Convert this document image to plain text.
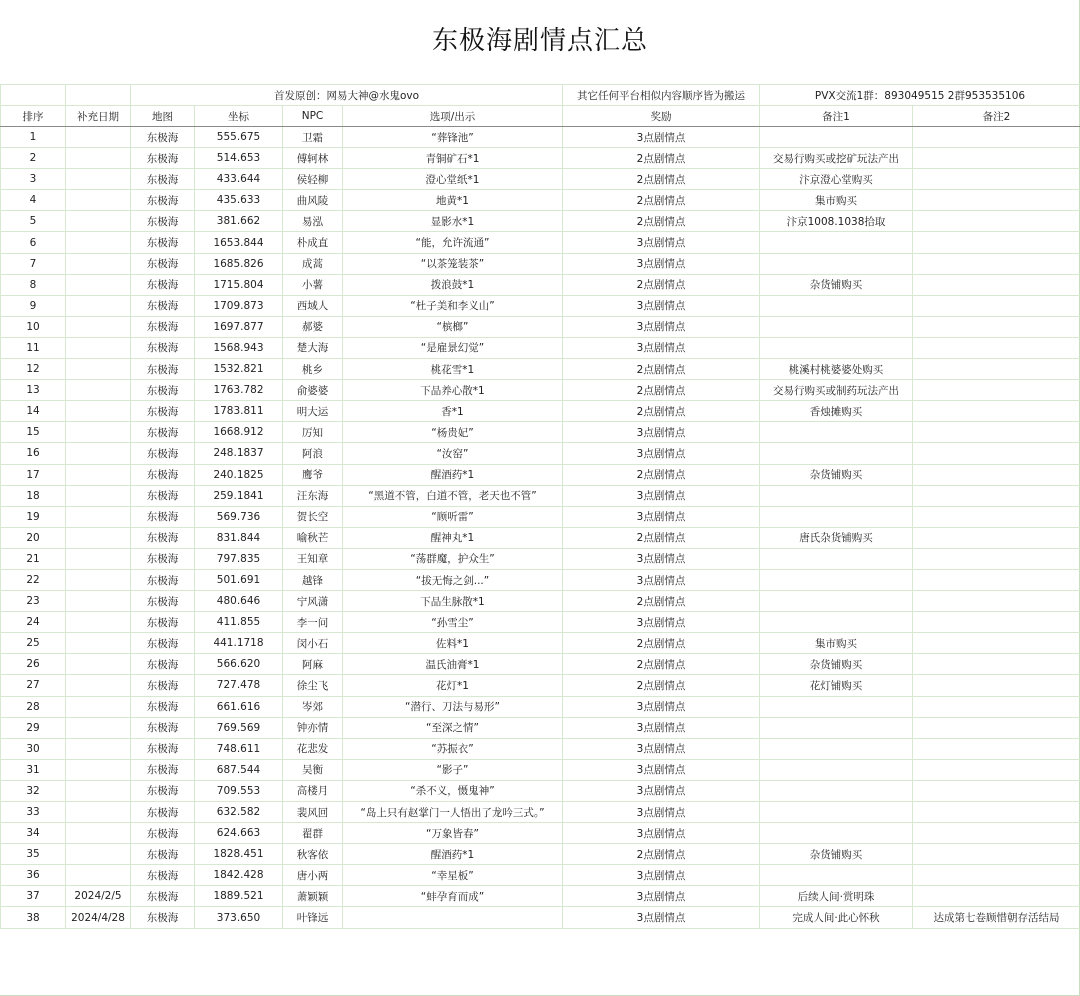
东极海剧情点汇总
		首发原创：网易大神@水鬼ovo				其它任何平台相似内容顺序皆为搬运	PVX交流1群：893049515 2群953535106	
排序	补充日期	地图	坐标	NPC	选项/出示	奖励	备注1	备注2
1		东极海	555.675	卫霜	“葬锋池”	3点剧情点		
2		东极海	514.653	傅轲林	青铜矿石*1	2点剧情点	交易行购买或挖矿玩法产出	
3		东极海	433.644	侯轻柳	澄心堂纸*1	2点剧情点	汴京澄心堂购买	
4		东极海	435.633	曲风陵	地黄*1	2点剧情点	集市购买	
5		东极海	381.662	易泓	显影水*1	2点剧情点	汴京1008.1038拾取	
6		东极海	1653.844	朴成直	“能，允许流通”	3点剧情点		
7		东极海	1685.826	成蒿	“以茶笼装茶”	3点剧情点		
8		东极海	1715.804	小薯	拨浪鼓*1	2点剧情点	杂货铺购买	
9		东极海	1709.873	西域人	“杜子美和李义山”	3点剧情点		
10		东极海	1697.877	郝婆	“槟榔”	3点剧情点		
11		东极海	1568.943	楚大海	“是雇景幻觉”	3点剧情点		
12		东极海	1532.821	桃乡	桃花雪*1	2点剧情点	桃溪村桃婆婆处购买	
13		东极海	1763.782	俞婆婆	下品养心散*1	2点剧情点	交易行购买或制药玩法产出	
14		东极海	1783.811	明大运	香*1	2点剧情点	香烛摊购买	
15		东极海	1668.912	厉知	“杨贵妃”	3点剧情点		
16		东极海	248.1837	阿浪	“汝窑”	3点剧情点		
17		东极海	240.1825	鹰爷	醒酒药*1	2点剧情点	杂货铺购买	
18		东极海	259.1841	汪东海	“黑道不管，白道不管，老天也不管”	3点剧情点		
19		东极海	569.736	贺长空	“顾听雷”	3点剧情点		
20		东极海	831.844	喻秋芒	醒神丸*1	2点剧情点	唐氏杂货铺购买	
21		东极海	797.835	王知章	“荡群魔，护众生”	3点剧情点		
22		东极海	501.691	越锋	“拔无悔之剑...”	3点剧情点		
23		东极海	480.646	宁风潇	下品生脉散*1	2点剧情点		
24		东极海	411.855	李一问	“孙雪尘”	3点剧情点		
25		东极海	441.1718	闵小石	佐料*1	2点剧情点	集市购买	
26		东极海	566.620	阿麻	温氏油膏*1	2点剧情点	杂货铺购买	
27		东极海	727.478	徐尘飞	花灯*1	2点剧情点	花灯铺购买	
28		东极海	661.616	岑郊	“潜行、刀法与易形”	3点剧情点		
29		东极海	769.569	钟亦情	“至深之情”	3点剧情点		
30		东极海	748.611	花悲发	“苏振衣”	3点剧情点		
31		东极海	687.544	吴衡	“影子”	3点剧情点		
32		东极海	709.553	高楼月	“杀不义，慑鬼神”	3点剧情点		
33		东极海	632.582	裴风回	“岛上只有赵掌门一人悟出了龙吟三式。”	3点剧情点		
34		东极海	624.663	翟群	“万象皆春”	3点剧情点		
35		东极海	1828.451	秋客依	醒酒药*1	2点剧情点	杂货铺购买	
36		东极海	1842.428	唐小两	“幸星板”	3点剧情点		
37	2024/2/5	东极海	1889.521	萧颖颖	“蚌孕育而成”	3点剧情点	后续人间·赏明珠	
38	2024/4/28	东极海	373.650	叶锋远		3点剧情点	完成人间·此心怀秋	达成第七卷顾惜朝存活结局
